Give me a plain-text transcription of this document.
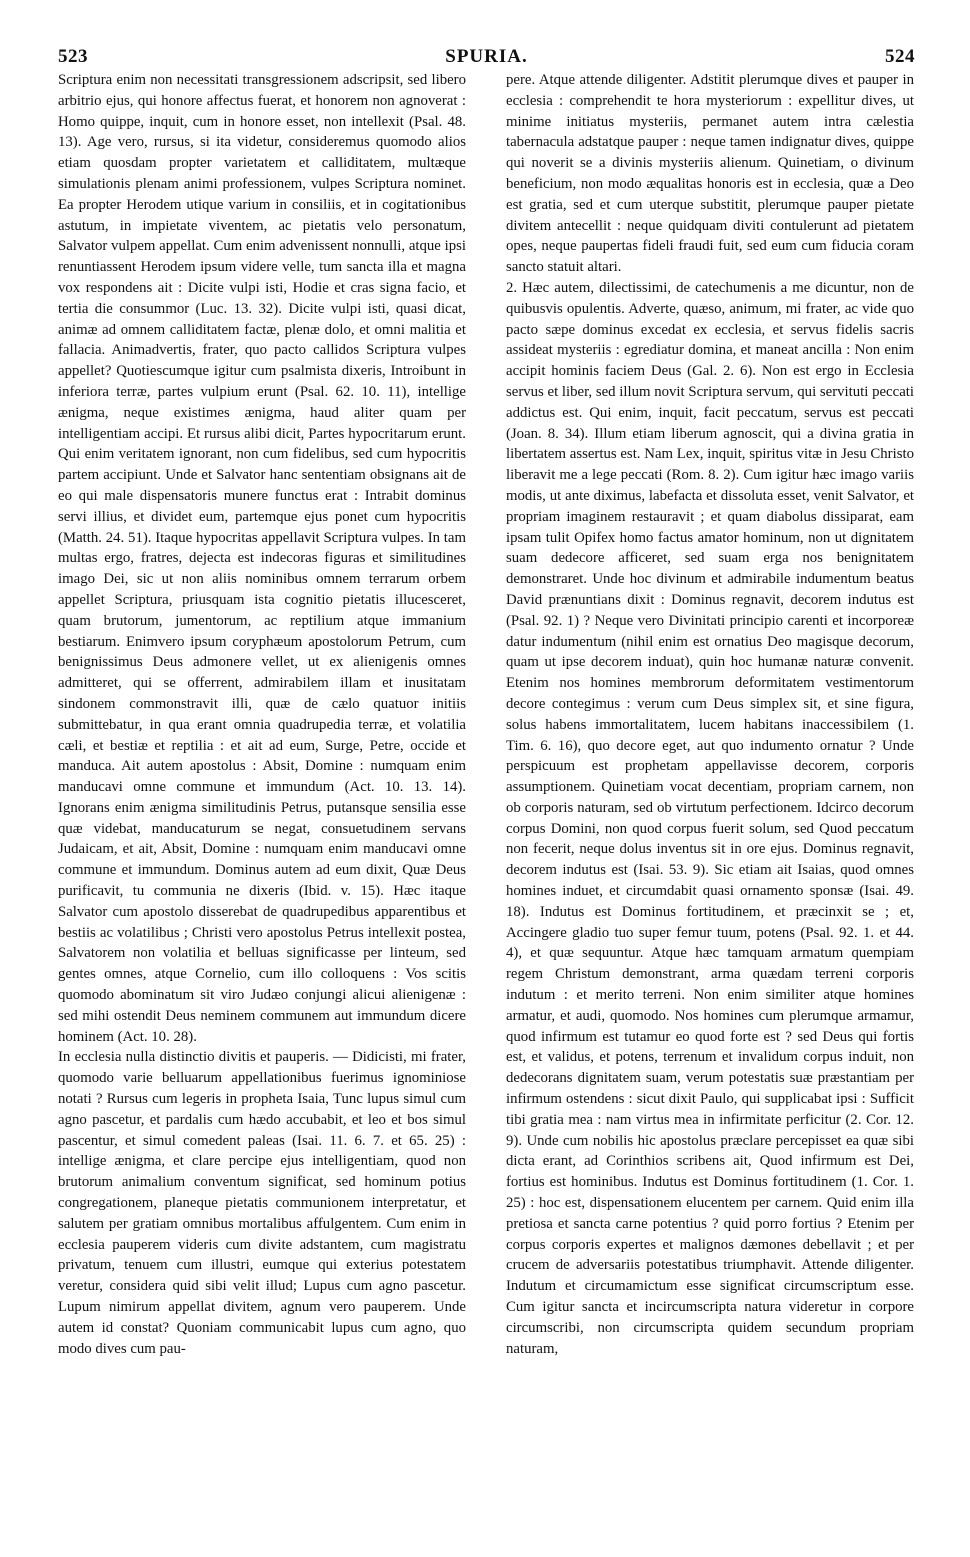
523	SPURIA.	524

Scriptura enim non necessitati transgressionem adscripsit, sed libero arbitrio ejus, qui honore affectus fuerat, et honorem non agnoverat : Homo quippe, inquit, cum in honore esset, non intellexit (Psal. 48. 13). Age vero, rursus, si ita videtur, consideremus quomodo alios etiam quosdam propter varietatem et calliditatem, multæque simulationis plenam animi professionem, vulpes Scriptura nominet. Ea propter Herodem utique varium in consiliis, et in cogitationibus astutum, in impietate viventem, ac pietatis velo personatum, Salvator vulpem appellat. Cum enim advenissent nonnulli, atque ipsi renuntiassent Herodem ipsum videre velle, tum sancta illa et magna vox respondens ait : Dicite vulpi isti, Hodie et cras signa facio, et tertia die consummor (Luc. 13. 32). Dicite vulpi isti, quasi dicat, animæ ad omnem calliditatem factæ, plenæ dolo, et omni malitia et fallacia. Animadvertis, frater, quo pacto callidos Scriptura vulpes appellet? Quotiescumque igitur cum psalmista dixeris, Introibunt in inferiora terræ, partes vulpium erunt (Psal. 62. 10. 11), intellige ænigma, neque existimes ænigma, haud aliter quam per intelligentiam accipi. Et rursus alibi dicit, Partes hypocritarum erunt. Qui enim veritatem ignorant, non cum fidelibus, sed cum hypocritis partem accipiunt. Unde et Salvator hanc sententiam obsignans ait de eo qui male dispensatoris munere functus erat : Intrabit dominus servi illius, et dividet eum, partemque ejus ponet cum hypocritis (Matth. 24. 51). Itaque hypocritas appellavit Scriptura vulpes. In tam multas ergo, fratres, dejecta est indecoras figuras et similitudines imago Dei, sic ut non aliis nominibus omnem terrarum orbem appellet Scriptura, priusquam ista cognitio pietatis illucesceret, quam brutorum, jumentorum, ac reptilium atque immanium bestiarum. Enimvero ipsum coryphæum apostolorum Petrum, cum benignissimus Deus admonere vellet, ut ex alienigenis omnes admitteret, qui se offerrent, admirabilem illam et inusitatam sindonem commonstravit illi, quæ de cælo quatuor initiis submittebatur, in qua erant omnia quadrupedia terræ, et volatilia cæli, et bestiæ et reptilia : et ait ad eum, Surge, Petre, occide et manduca. Ait autem apostolus : Absit, Domine : numquam enim manducavi omne commune et immundum (Act. 10. 13. 14). Ignorans enim ænigma similitudinis Petrus, putansque sensilia esse quæ videbat, manducaturum se negat, consuetudinem servans Judaicam, et ait, Absit, Domine : numquam enim manducavi omne commune et immundum. Dominus autem ad eum dixit, Quæ Deus purificavit, tu communia ne dixeris (Ibid. v. 15). Hæc itaque Salvator cum apostolo disserebat de quadrupedibus apparentibus et bestiis ac volatilibus ; Christi vero apostolus Petrus intellexit postea, Salvatorem non volatilia et belluas significasse per linteum, sed gentes omnes, atque Cornelio, cum illo colloquens : Vos scitis quomodo abominatum sit viro Judæo conjungi alicui alienigenæ : sed mihi ostendit Deus neminem communem aut immundum dicere hominem (Act. 10. 28).

In ecclesia nulla distinctio divitis et pauperis. — Didicisti, mi frater, quomodo varie belluarum appellationibus fuerimus ignominiose notati ? Rursus cum legeris in propheta Isaia, Tunc lupus simul cum agno pascetur, et pardalis cum hædo accubabit, et leo et bos simul pascentur, et simul comedent paleas (Isai. 11. 6. 7. et 65. 25) : intellige ænigma, et clare percipe ejus intelligentiam, quod non brutorum animalium conventum significat, sed hominum potius congregationem, planeque pietatis communionem interpretatur, et salutem per gratiam omnibus mortalibus affulgentem. Cum enim in ecclesia pauperem videris cum divite adstantem, cum magistratu privatum, tenuem cum illustri, eumque qui exterius potestatem veretur, considera quid sibi velit illud; Lupus cum agno pascetur. Lupum nimirum appellat divitem, agnum vero pauperem. Unde autem id constat? Quoniam communicabit lupus cum agno, quo modo dives cum pau-

pere. Atque attende diligenter. Adstitit plerumque dives et pauper in ecclesia : comprehendit te hora mysteriorum : expellitur dives, ut minime initiatus mysteriis, permanet autem intra cælestia tabernacula adstatque pauper : neque tamen indignatur dives, quippe qui noverit se a divinis mysteriis alienum. Quinetiam, o divinum beneficium, non modo æqualitas honoris est in ecclesia, quæ a Deo est gratia, sed et cum uterque substitit, plerumque pauper pietate divitem antecellit : neque quidquam diviti contulerunt ad pietatem opes, neque paupertas fideli fraudi fuit, sed eum cum fiducia coram sancto statuit altari.

2. Hæc autem, dilectissimi, de catechumenis a me dicuntur, non de quibusvis opulentis. Adverte, quæso, animum, mi frater, ac vide quo pacto sæpe dominus excedat ex ecclesia, et servus fidelis sacris assideat mysteriis : egrediatur domina, et maneat ancilla : Non enim accipit hominis faciem Deus (Gal. 2. 6). Non est ergo in Ecclesia servus et liber, sed illum novit Scriptura servum, qui servituti peccati addictus est. Qui enim, inquit, facit peccatum, servus est peccati (Joan. 8. 34). Illum etiam liberum agnoscit, qui a divina gratia in libertatem assertus est. Nam Lex, inquit, spiritus vitæ in Jesu Christo liberavit me a lege peccati (Rom. 8. 2). Cum igitur hæc imago variis modis, ut ante diximus, labefacta et dissoluta esset, venit Salvator, et propriam imaginem restauravit ; et quam diabolus dissiparat, eam ipsam tulit Opifex homo factus amator hominum, non ut dignitatem suam dedecore afficeret, sed suam erga nos benignitatem demonstraret. Unde hoc divinum et admirabile indumentum beatus David prænuntians dixit : Dominus regnavit, decorem indutus est (Psal. 92. 1) ? Neque vero Divinitati principio carenti et incorporeæ datur indumentum (nihil enim est ornatius Deo magisque decorum, quam ut ipse decorem induat), quin hoc humanæ naturæ convenit. Etenim nos homines membrorum deformitatem vestimentorum decore contegimus : verum cum Deus simplex sit, et sine figura, solus habens immortalitatem, lucem habitans inaccessibilem (1. Tim. 6. 16), quo decore eget, aut quo indumento ornatur ? Unde perspicuum est prophetam appellavisse decorem, corporis assumptionem. Quinetiam vocat decentiam, propriam carnem, non ob corporis naturam, sed ob virtutum perfectionem. Idcirco decorum corpus Domini, non quod corpus fuerit solum, sed Quod peccatum non fecerit, neque dolus inventus sit in ore ejus. Dominus regnavit, decorem indutus est (Isai. 53. 9). Sic etiam ait Isaias, quod omnes homines induet, et circumdabit quasi ornamento sponsæ (Isai. 49. 18). Indutus est Dominus fortitudinem, et præcinxit se ; et, Accingere gladio tuo super femur tuum, potens (Psal. 92. 1. et 44. 4), et quæ sequuntur. Atque hæc tamquam armatum quempiam regem Christum demonstrant, arma quædam terreni corporis indutum : et merito terreni. Non enim similiter atque homines armatur, et audi, quomodo. Nos homines cum plerumque armamur, quod infirmum est tutamur eo quod forte est ? sed Deus qui fortis est, et validus, et potens, terrenum et invalidum corpus induit, non dedecorans dignitatem suam, verum potestatis suæ præstantiam per infirmum ostendens : sicut dixit Paulo, qui supplicabat ipsi : Sufficit tibi gratia mea : nam virtus mea in infirmitate perficitur (2. Cor. 12. 9). Unde cum nobilis hic apostolus præclare percepisset ea quæ sibi dicta erant, ad Corinthios scribens ait, Quod infirmum est Dei, fortius est hominibus. Indutus est Dominus fortitudinem (1. Cor. 1. 25) : hoc est, dispensationem elucentem per carnem. Quid enim illa pretiosa et sancta carne potentius ? quid porro fortius ? Etenim per corpus corporis expertes et malignos dæmones debellavit ; et per crucem de adversariis potestatibus triumphavit. Attende diligenter. Indutum et circumamictum esse significat circumscriptum esse. Cum igitur sancta et incircumscripta natura videretur in corpore circumscribi, non circumscripta quidem secundum propriam naturam,
